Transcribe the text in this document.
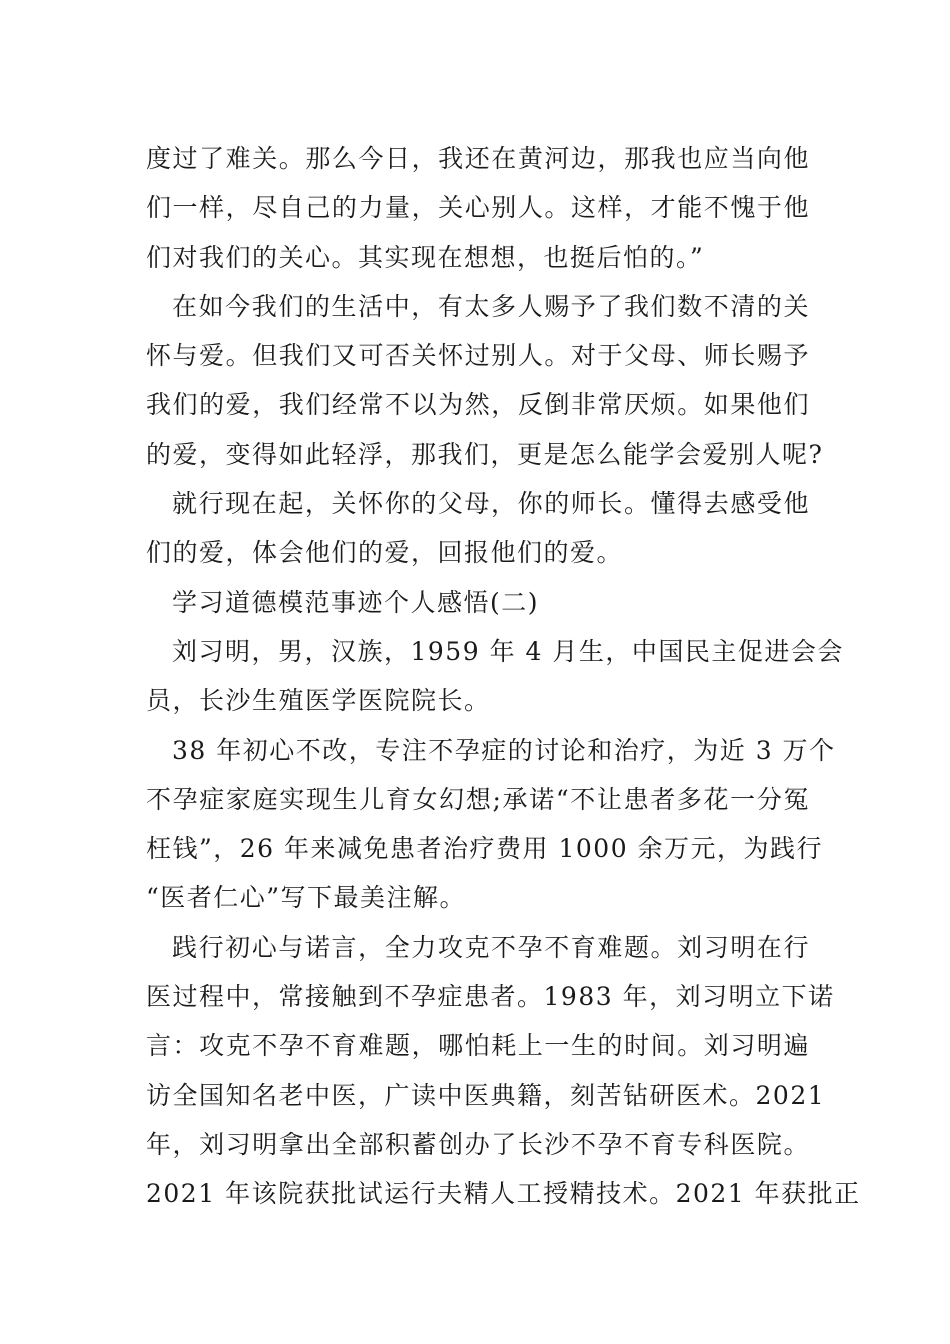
度过了难关。那么今日，我还在黄河边，那我也应当向他
们一样，尽自己的力量，关心别人。这样，才能不愧于他
们对我们的关心。其实现在想想，也挺后怕的。”
在如今我们的生活中，有太多人赐予了我们数不清的关
怀与爱。但我们又可否关怀过别人。对于父母、师长赐予
我们的爱，我们经常不以为然，反倒非常厌烦。如果他们
的爱，变得如此轻浮，那我们，更是怎么能学会爱别人呢?
就行现在起，关怀你的父母，你的师长。懂得去感受他
们的爱，体会他们的爱，回报他们的爱。
学习道德模范事迹个人感悟(二)
刘习明，男，汉族，1959 年 4 月生，中国民主促进会会
员，长沙生殖医学医院院长。
38 年初心不改，专注不孕症的讨论和治疗，为近 3 万个
不孕症家庭实现生儿育女幻想;承诺“不让患者多花一分冤
枉钱”，26 年来减免患者治疗费用 1000 余万元，为践行
“医者仁心”写下最美注解。
践行初心与诺言，全力攻克不孕不育难题。刘习明在行
医过程中，常接触到不孕症患者。1983 年，刘习明立下诺
言：攻克不孕不育难题，哪怕耗上一生的时间。刘习明遍
访全国知名老中医，广读中医典籍，刻苦钻研医术。2021
年，刘习明拿出全部积蓄创办了长沙不孕不育专科医院。
2021 年该院获批试运行夫精人工授精技术。2021 年获批正
